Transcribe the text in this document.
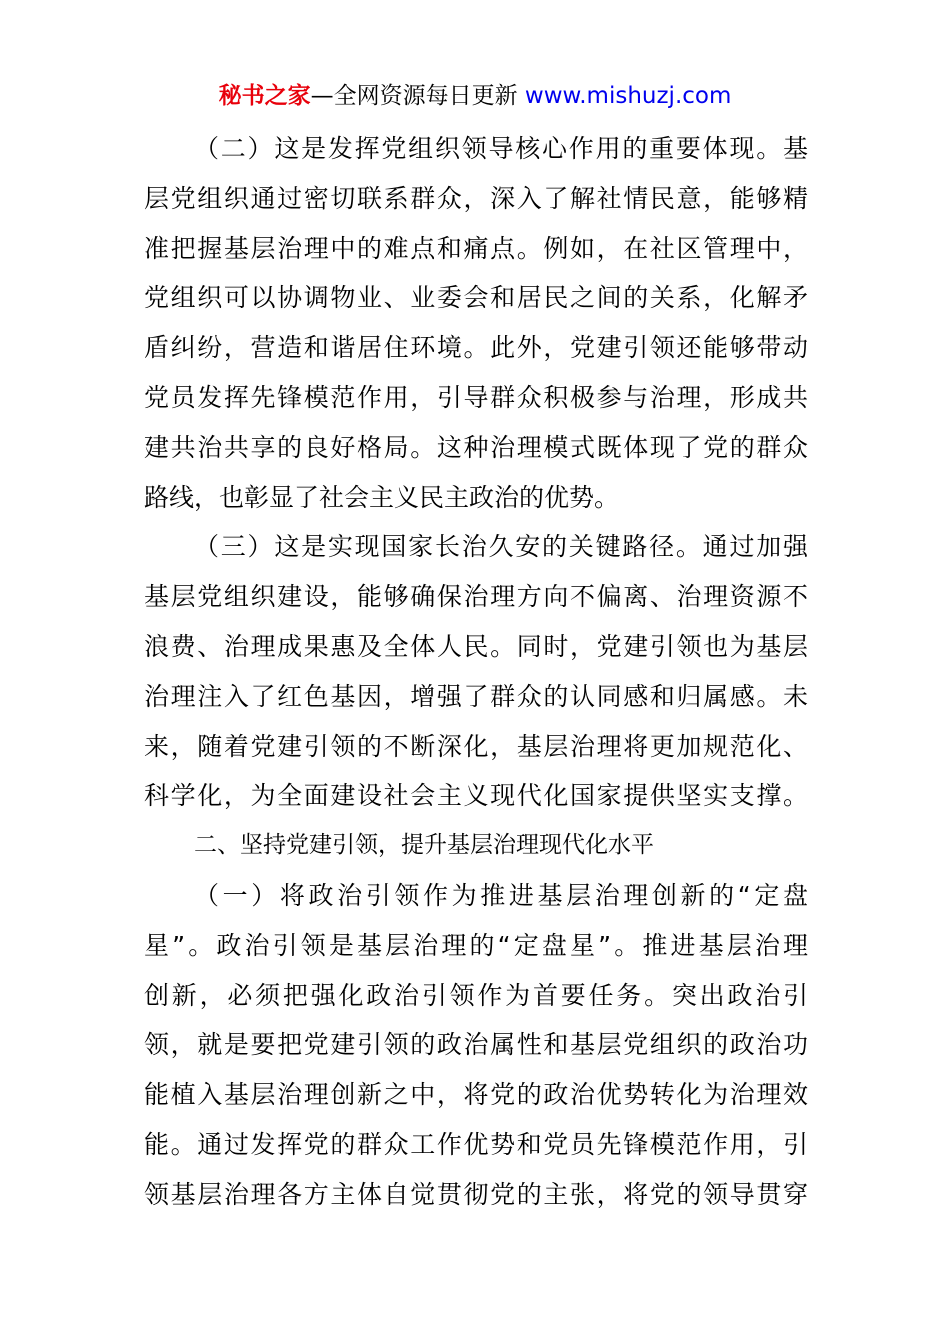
秘书之家—全网资源每日更新 www.mishuzj.com
（二）这是发挥党组织领导核心作用的重要体现。基
层党组织通过密切联系群众，深入了解社情民意，能够精
准把握基层治理中的难点和痛点。例如，在社区管理中，
党组织可以协调物业、业委会和居民之间的关系，化解矛
盾纠纷，营造和谐居住环境。此外，党建引领还能够带动
党员发挥先锋模范作用，引导群众积极参与治理，形成共
建共治共享的良好格局。这种治理模式既体现了党的群众
路线，也彰显了社会主义民主政治的优势。
（三）这是实现国家长治久安的关键路径。通过加强
基层党组织建设，能够确保治理方向不偏离、治理资源不
浪费、治理成果惠及全体人民。同时，党建引领也为基层
治理注入了红色基因，增强了群众的认同感和归属感。未
来，随着党建引领的不断深化，基层治理将更加规范化、
科学化，为全面建设社会主义现代化国家提供坚实支撑。
二、坚持党建引领，提升基层治理现代化水平
（一）将政治引领作为推进基层治理创新的“定盘
星”。政治引领是基层治理的“定盘星”。推进基层治理
创新，必须把强化政治引领作为首要任务。突出政治引
领，就是要把党建引领的政治属性和基层党组织的政治功
能植入基层治理创新之中，将党的政治优势转化为治理效
能。通过发挥党的群众工作优势和党员先锋模范作用，引
领基层治理各方主体自觉贯彻党的主张，将党的领导贯穿
